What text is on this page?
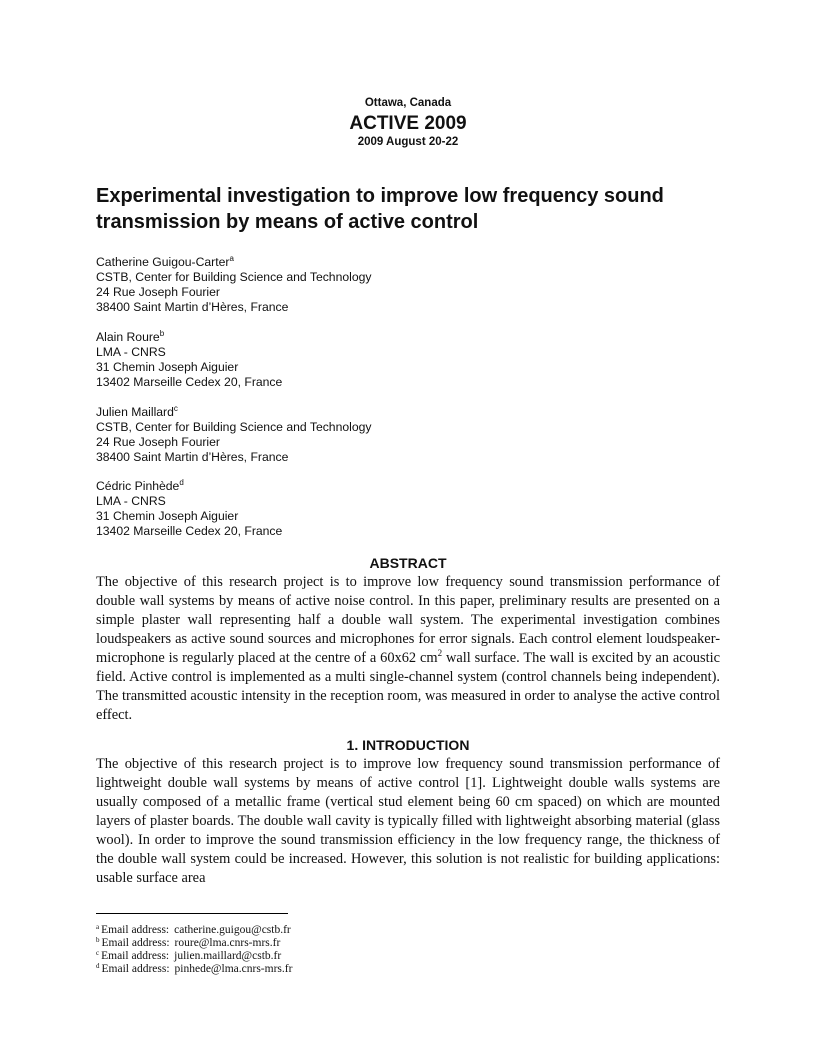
Ottawa, Canada
ACTIVE 2009
2009 August 20-22
Experimental investigation to improve low frequency sound transmission by means of active control
Catherine Guigou-Carter$^a$
CSTB, Center for Building Science and Technology
24 Rue Joseph Fourier
38400 Saint Martin d’Hères, France
Alain Roure$^b$
LMA - CNRS
31 Chemin Joseph Aiguier
13402 Marseille Cedex 20, France
Julien Maillard$^c$
CSTB, Center for Building Science and Technology
24 Rue Joseph Fourier
38400 Saint Martin d’Hères, France
Cédric Pinhède$^d$
LMA - CNRS
31 Chemin Joseph Aiguier
13402 Marseille Cedex 20, France
ABSTRACT

The objective of this research project is to improve low frequency sound transmission performance of double wall systems by means of active noise control. In this paper, preliminary results are presented on a simple plaster wall representing half a double wall system. The experimental investigation combines loudspeakers as active sound sources and microphones for error signals. Each control element loudspeaker-microphone is regularly placed at the centre of a 60x62 $cm^2$ wall surface. The wall is excited by an acoustic field. Active control is implemented as a multi single-channel system (control channels being independent). The transmitted acoustic intensity in the reception room, was measured in order to analyse the active control effect.

1. INTRODUCTION

The objective of this research project is to improve low frequency sound transmission performance of lightweight double wall systems by means of active control [1]. Lightweight double walls systems are usually composed of a metallic frame (vertical stud element being 60 cm spaced) on which are mounted layers of plaster boards. The double wall cavity is typically filled with lightweight absorbing material (glass wool). In order to improve the sound transmission efficiency in the low frequency range, the thickness of the double wall system could be increased. However, this solution is not realistic for building applications: usable surface area

$^a$ Email address: catherine.guigou@cstb.fr
$^b$ Email address: roure@lma.cnrs-mrs.fr
$^c$ Email address: julien.maillard@cstb.fr
$^d$ Email address: pinhede@lma.cnrs-mrs.fr
